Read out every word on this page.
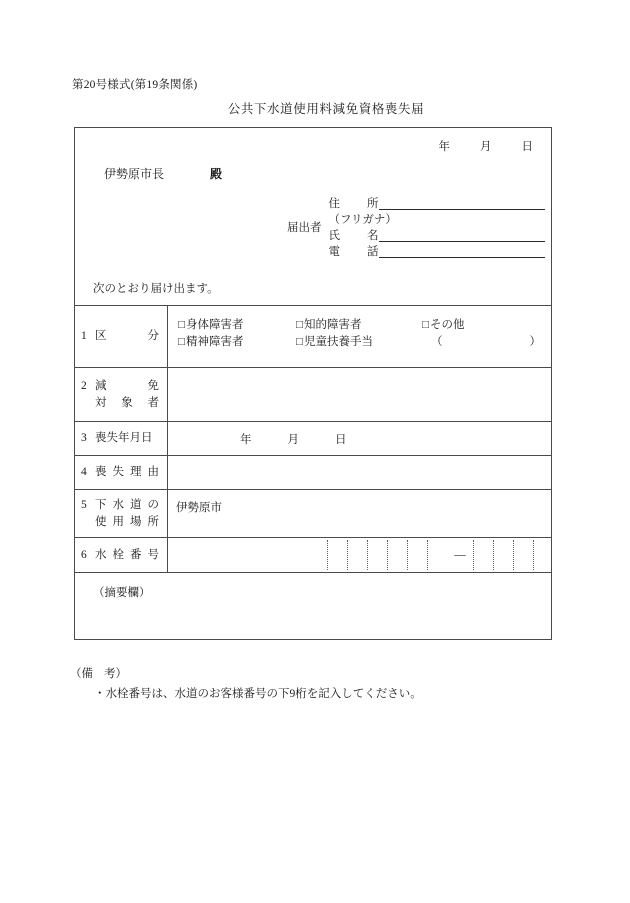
第20号様式(第19条関係)
公共下水道使用料減免資格喪失届
年	月	日
伊勢原市長	殿
届出者
住 所
（フリガナ）
氏 名
電 話
次のとおり届け出ます。
1 区	分
□身体障害者	□知的障害者	□その他
□精神障害者	□児童扶養手当	（	）
2 減	免
対 象 者
3 喪失年月日	年	月	日
4 喪 失 理 由
5 下 水 道 の
使 用 場 所
伊勢原市
6 水 栓 番 号	—
（摘要欄）
（備 考）
・水栓番号は、水道のお客様番号の下9桁を記入してください。
